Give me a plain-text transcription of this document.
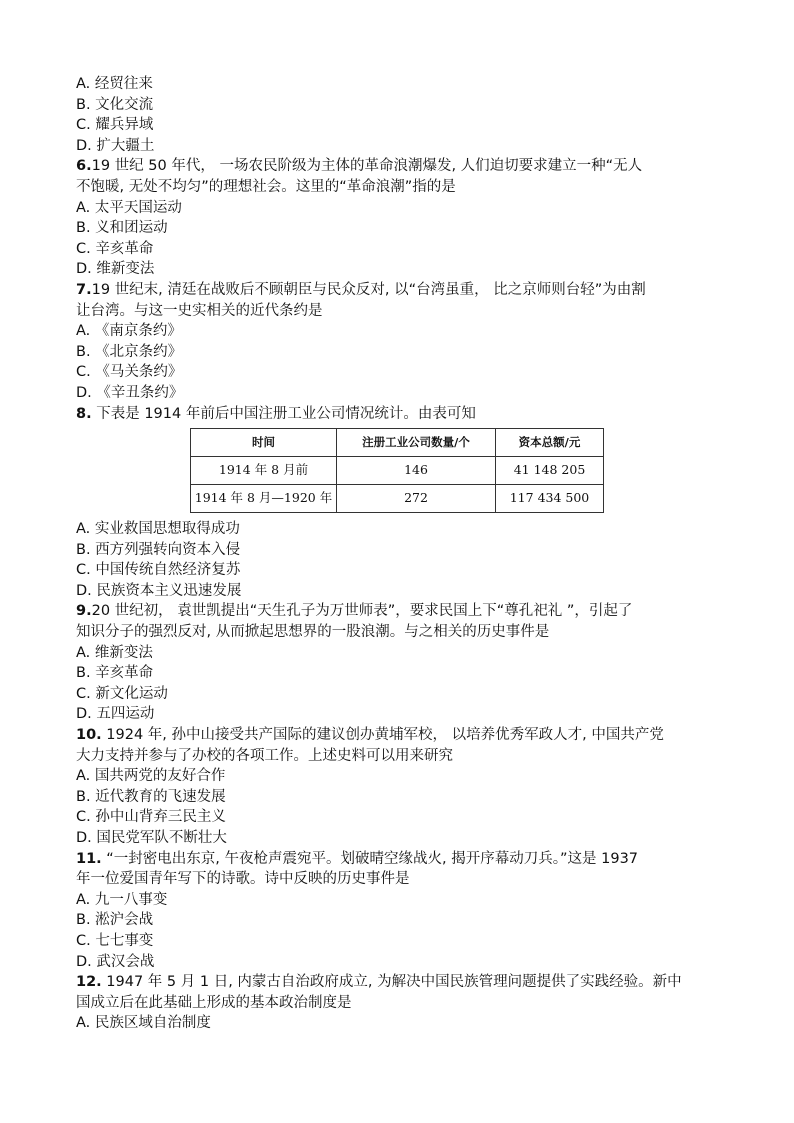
A. 经贸往来
B. 文化交流
C. 耀兵异域
D. 扩大疆土
6.19 世纪 50 年代， 一场农民阶级为主体的革命浪潮爆发, 人们迫切要求建立一种“无人
不饱暖, 无处不均匀”的理想社会。这里的“革命浪潮”指的是
A. 太平天国运动
B. 义和团运动
C. 辛亥革命
D. 维新变法
7.19 世纪末, 清廷在战败后不顾朝臣与民众反对, 以“台湾虽重， 比之京师则台轻”为由割
让台湾。与这一史实相关的近代条约是
A. 《南京条约》
B. 《北京条约》
C. 《马关条约》
D. 《辛丑条约》
8. 下表是 1914 年前后中国注册工业公司情况统计。由表可知
时间	注册工业公司数量/个	资本总额/元
1914 年 8 月前	146	41 148 205
1914 年 8 月—1920 年	272	117 434 500
A. 实业救国思想取得成功
B. 西方列强转向资本入侵
C. 中国传统自然经济复苏
D. 民族资本主义迅速发展
9.20 世纪初， 袁世凯提出“天生孔子为万世师表”，要求民国上下“尊孔祀礼 ”，引起了
知识分子的强烈反对, 从而掀起思想界的一股浪潮。与之相关的历史事件是
A. 维新变法
B. 辛亥革命
C. 新文化运动
D. 五四运动
10. 1924 年, 孙中山接受共产国际的建议创办黄埔军校， 以培养优秀军政人才, 中国共产党
大力支持并参与了办校的各项工作。上述史料可以用来研究
A. 国共两党的友好合作
B. 近代教育的飞速发展
C. 孙中山背弃三民主义
D. 国民党军队不断壮大
11. “一封密电出东京, 午夜枪声震宛平。划破晴空缘战火, 揭开序幕动刀兵。”这是 1937
年一位爱国青年写下的诗歌。诗中反映的历史事件是
A. 九一八事变
B. 淞沪会战
C. 七七事变
D. 武汉会战
12. 1947 年 5 月 1 日, 内蒙古自治政府成立, 为解决中国民族管理问题提供了实践经验。新中
国成立后在此基础上形成的基本政治制度是
A. 民族区域自治制度
